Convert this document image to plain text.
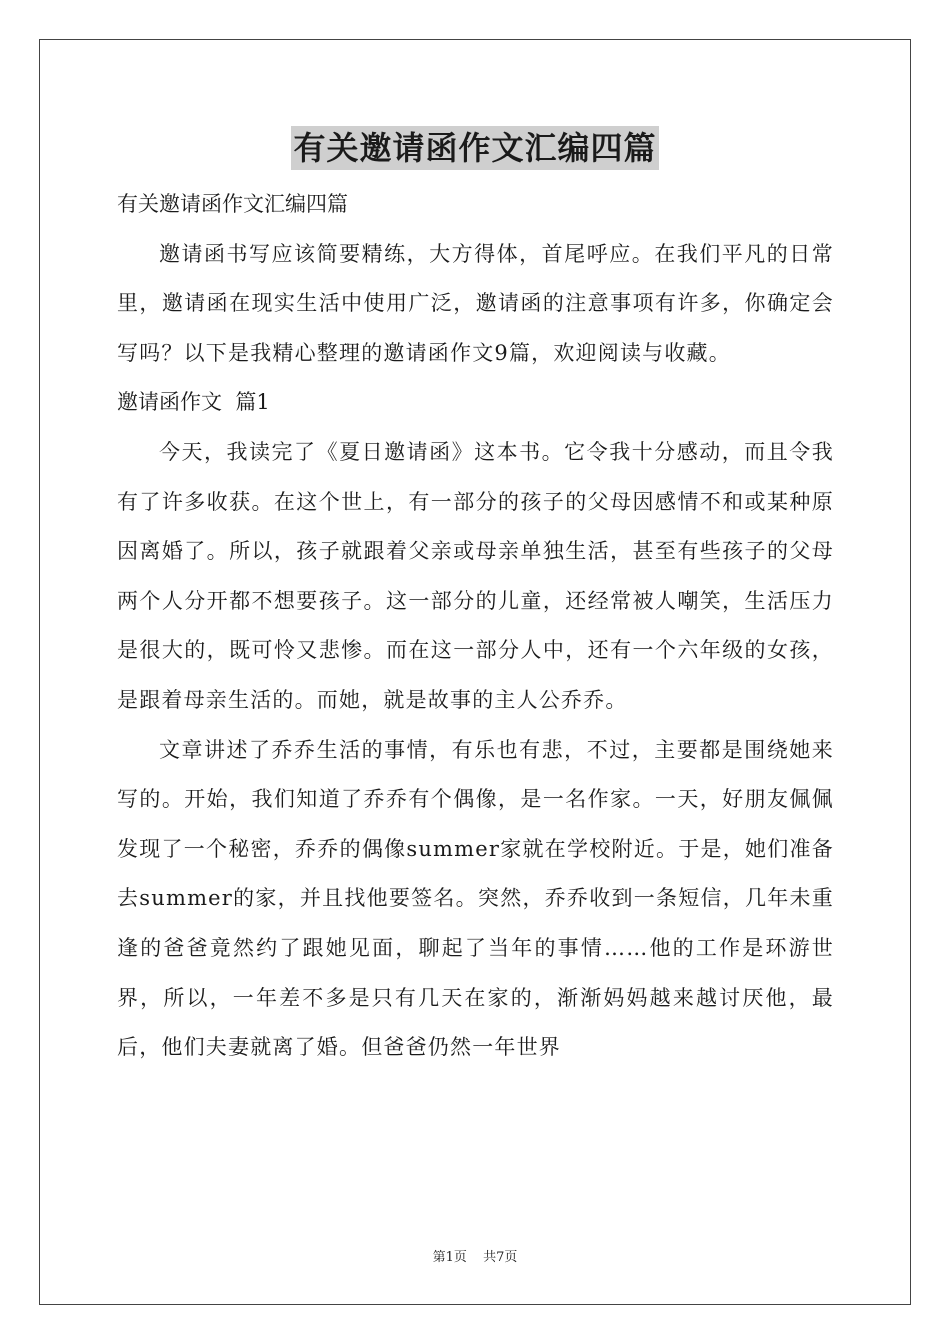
有关邀请函作文汇编四篇
有关邀请函作文汇编四篇

邀请函书写应该简要精练，大方得体，首尾呼应。在我们平凡的日常里，邀请函在现实生活中使用广泛，邀请函的注意事项有许多，你确定会写吗？以下是我精心整理的邀请函作文9篇，欢迎阅读与收藏。

邀请函作文  篇1

今天，我读完了《夏日邀请函》这本书。它令我十分感动，而且令我有了许多收获。在这个世上，有一部分的孩子的父母因感情不和或某种原因离婚了。所以，孩子就跟着父亲或母亲单独生活，甚至有些孩子的父母两个人分开都不想要孩子。这一部分的儿童，还经常被人嘲笑，生活压力是很大的，既可怜又悲惨。而在这一部分人中，还有一个六年级的女孩，是跟着母亲生活的。而她，就是故事的主人公乔乔。

文章讲述了乔乔生活的事情，有乐也有悲，不过，主要都是围绕她来写的。开始，我们知道了乔乔有个偶像，是一名作家。一天，好朋友佩佩发现了一个秘密，乔乔的偶像summer家就在学校附近。于是，她们准备去summer的家，并且找他要签名。突然，乔乔收到一条短信，几年未重逢的爸爸竟然约了跟她见面，聊起了当年的事情……他的工作是环游世界，所以，一年差不多是只有几天在家的，渐渐妈妈越来越讨厌他，最后，他们夫妻就离了婚。但爸爸仍然一年世界

第1页 共7页
